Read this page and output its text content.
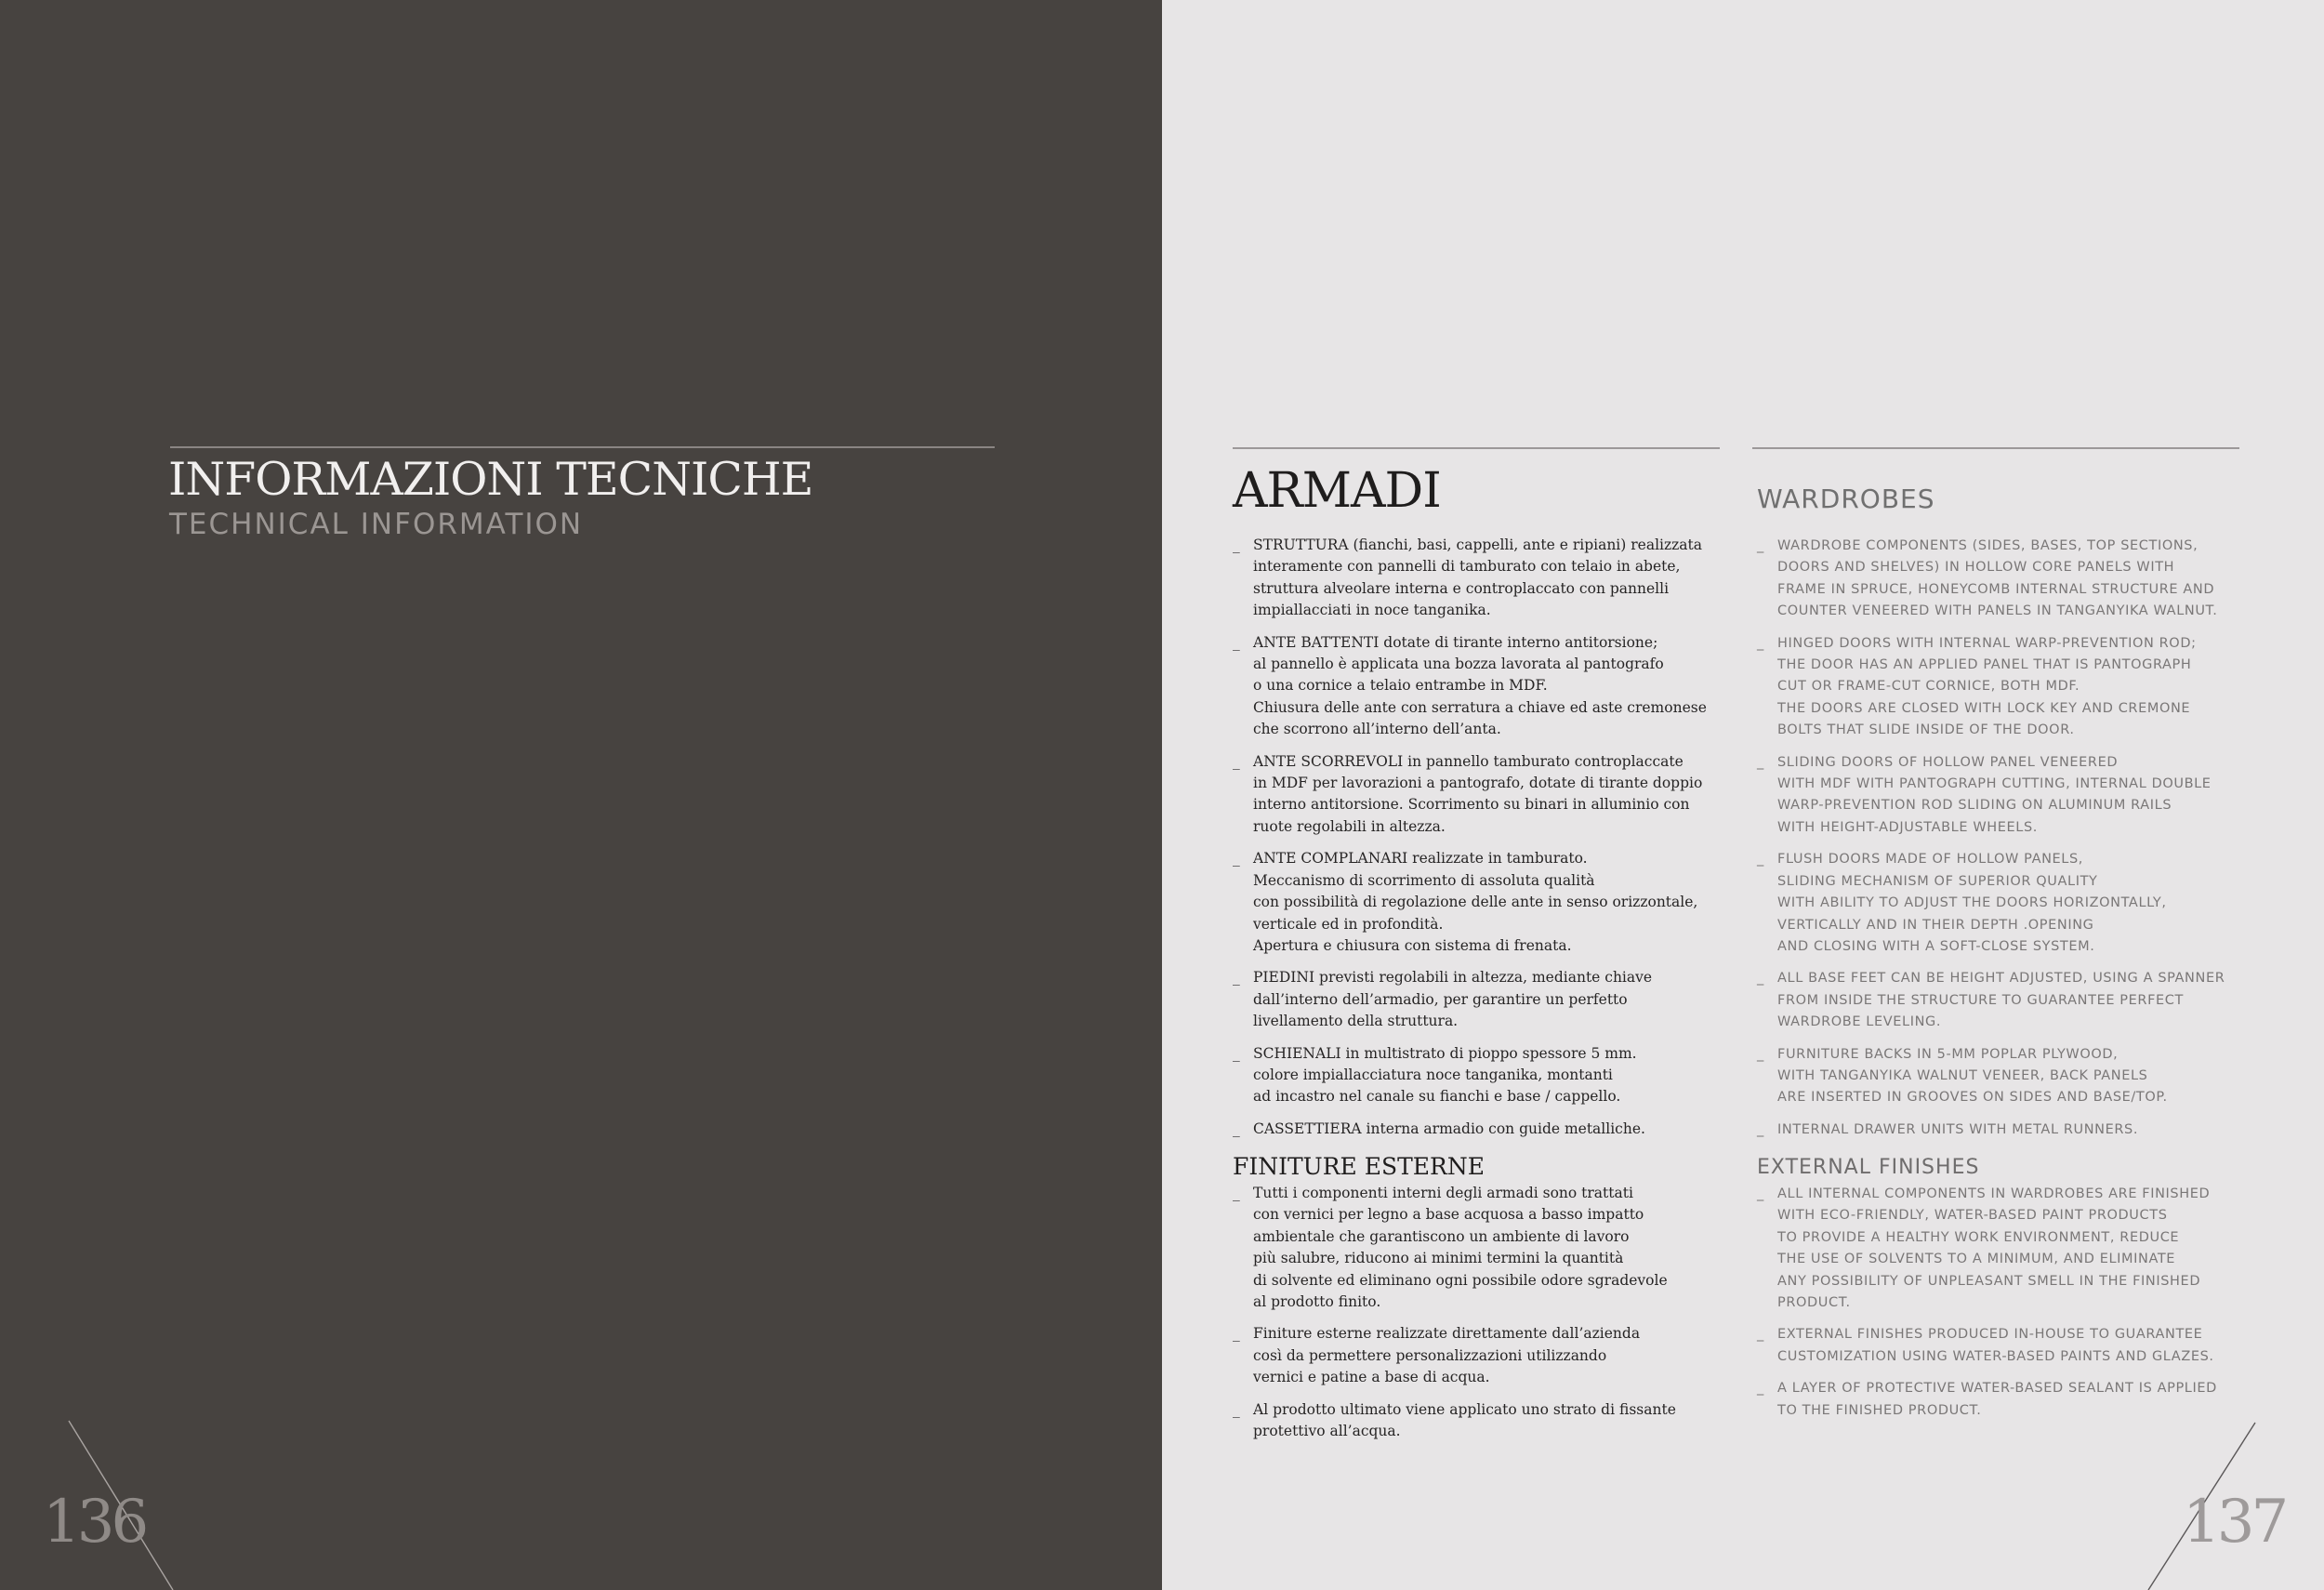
INFORMAZIONI TECNICHE
TECHNICAL INFORMATION
136	137
ARMADI	WARDROBES
_ STRUTTURA (fianchi, basi, cappelli, ante e ripiani) realizzata
interamente con pannelli di tamburato con telaio in abete,
struttura alveolare interna e controplaccato con pannelli
impiallacciati in noce tanganika.
_ ANTE BATTENTI dotate di tirante interno antitorsione;
al pannello è applicata una bozza lavorata al pantografo
o una cornice a telaio entrambe in MDF.
Chiusura delle ante con serratura a chiave ed aste cremonese
che scorrono all’interno dell’anta.
_ ANTE SCORREVOLI in pannello tamburato controplaccate
in MDF per lavorazioni a pantografo, dotate di tirante doppio
interno antitorsione. Scorrimento su binari in alluminio con
ruote regolabili in altezza.
_ ANTE COMPLANARI realizzate in tamburato.
Meccanismo di scorrimento di assoluta qualità
con possibilità di regolazione delle ante in senso orizzontale,
verticale ed in profondità.
Apertura e chiusura con sistema di frenata.
_ PIEDINI previsti regolabili in altezza, mediante chiave
dall’interno dell’armadio, per garantire un perfetto
livellamento della struttura.
_ SCHIENALI in multistrato di pioppo spessore 5 mm.
colore impiallacciatura noce tanganika, montanti
ad incastro nel canale su fianchi e base / cappello.
_ CASSETTIERA interna armadio con guide metalliche.
FINITURE ESTERNE
_ Tutti i componenti interni degli armadi sono trattati
con vernici per legno a base acquosa a basso impatto
ambientale che garantiscono un ambiente di lavoro
più salubre, riducono ai minimi termini la quantità
di solvente ed eliminano ogni possibile odore sgradevole
al prodotto finito.
_ Finiture esterne realizzate direttamente dall’azienda
così da permettere personalizzazioni utilizzando
vernici e patine a base di acqua.
_ Al prodotto ultimato viene applicato uno strato di fissante
protettivo all’acqua.
_ WARDROBE COMPONENTS (SIDES, BASES, TOP SECTIONS,
DOORS AND SHELVES) IN HOLLOW CORE PANELS WITH
FRAME IN SPRUCE, HONEYCOMB INTERNAL STRUCTURE AND
COUNTER VENEERED WITH PANELS IN TANGANYIKA WALNUT.
_ HINGED DOORS WITH INTERNAL WARP-PREVENTION ROD;
THE DOOR HAS AN APPLIED PANEL THAT IS PANTOGRAPH
CUT OR FRAME-CUT CORNICE, BOTH MDF.
THE DOORS ARE CLOSED WITH LOCK KEY AND CREMONE
BOLTS THAT SLIDE INSIDE OF THE DOOR.
_ SLIDING DOORS OF HOLLOW PANEL VENEERED
WITH MDF WITH PANTOGRAPH CUTTING, INTERNAL DOUBLE
WARP-PREVENTION ROD SLIDING ON ALUMINUM RAILS
WITH HEIGHT-ADJUSTABLE WHEELS.
_ FLUSH DOORS MADE OF HOLLOW PANELS,
SLIDING MECHANISM OF SUPERIOR QUALITY
WITH ABILITY TO ADJUST THE DOORS HORIZONTALLY,
VERTICALLY AND IN THEIR DEPTH .OPENING
AND CLOSING WITH A SOFT-CLOSE SYSTEM.
_ ALL BASE FEET CAN BE HEIGHT ADJUSTED, USING A SPANNER
FROM INSIDE THE STRUCTURE TO GUARANTEE PERFECT
WARDROBE LEVELING.
_ FURNITURE BACKS IN 5-MM POPLAR PLYWOOD,
WITH TANGANYIKA WALNUT VENEER, BACK PANELS
ARE INSERTED IN GROOVES ON SIDES AND BASE/TOP.
_ INTERNAL DRAWER UNITS WITH METAL RUNNERS.
EXTERNAL FINISHES
_ ALL INTERNAL COMPONENTS IN WARDROBES ARE FINISHED
WITH ECO-FRIENDLY, WATER-BASED PAINT PRODUCTS
TO PROVIDE A HEALTHY WORK ENVIRONMENT, REDUCE
THE USE OF SOLVENTS TO A MINIMUM, AND ELIMINATE
ANY POSSIBILITY OF UNPLEASANT SMELL IN THE FINISHED
PRODUCT.
_ EXTERNAL FINISHES PRODUCED IN-HOUSE TO GUARANTEE
CUSTOMIZATION USING WATER-BASED PAINTS AND GLAZES.
_ A LAYER OF PROTECTIVE WATER-BASED SEALANT IS APPLIED
TO THE FINISHED PRODUCT.
